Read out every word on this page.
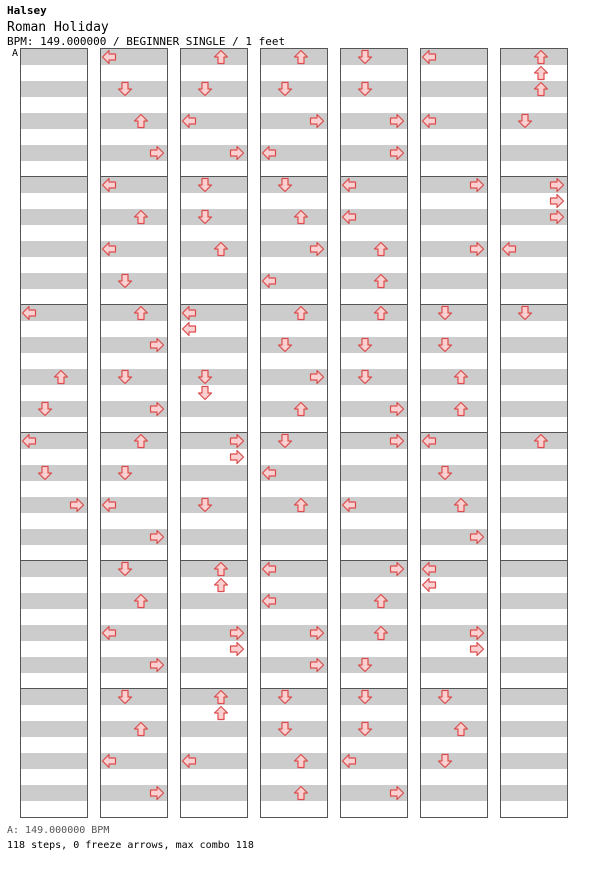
Halsey
Roman Holiday
BPM: 149.000000 / BEGINNER SINGLE / 1 feet
A
A: 149.000000 BPM
118 steps, 0 freeze arrows, max combo 118
